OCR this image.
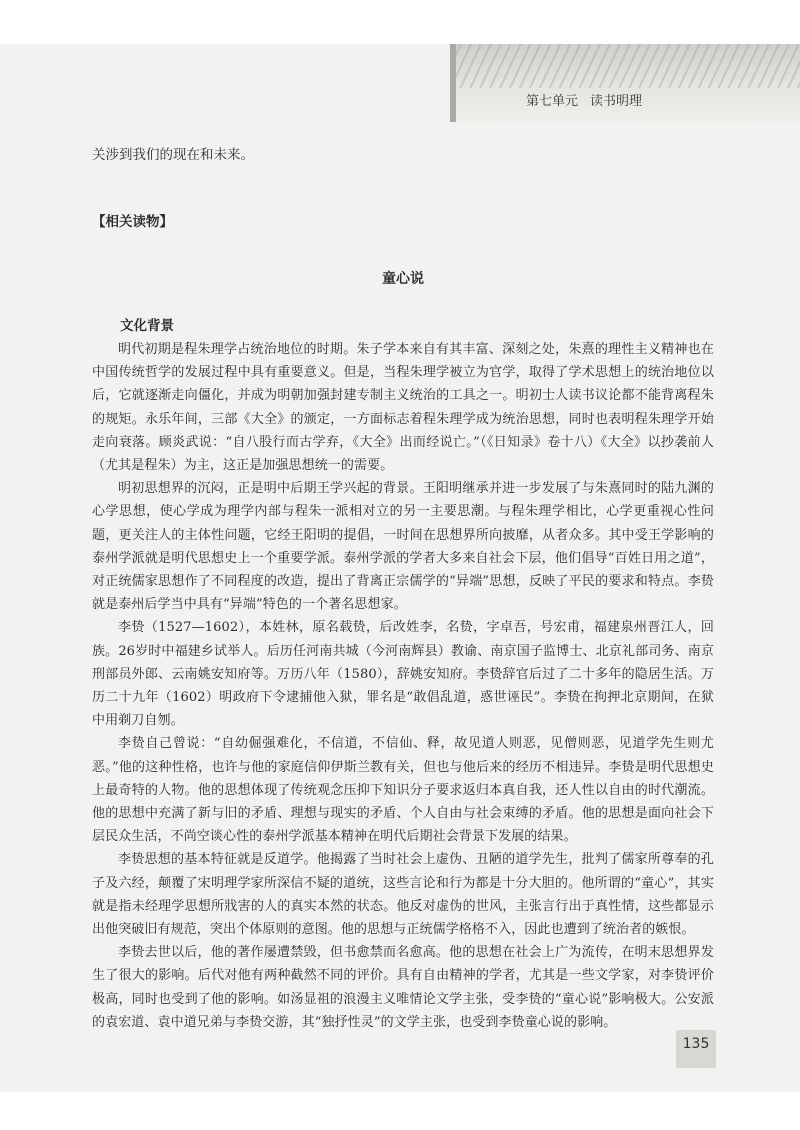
第七单元 读书明理

关涉到我们的现在和未来。

【相关读物】

童心说

文化背景

明代初期是程朱理学占统治地位的时期。朱子学本来自有其丰富、深刻之处，朱熹的理性主义精神也在中国传统哲学的发展过程中具有重要意义。但是，当程朱理学被立为官学，取得了学术思想上的统治地位以后，它就逐渐走向僵化，并成为明朝加强封建专制主义统治的工具之一。明初士人读书议论都不能背离程朱的规矩。永乐年间，三部《大全》的颁定，一方面标志着程朱理学成为统治思想，同时也表明程朱理学开始走向衰落。顾炎武说：“自八股行而古学弃，《大全》出而经说亡。”（《日知录》卷十八）《大全》以抄袭前人（尤其是程朱）为主，这正是加强思想统一的需要。

明初思想界的沉闷，正是明中后期王学兴起的背景。王阳明继承并进一步发展了与朱熹同时的陆九渊的心学思想，使心学成为理学内部与程朱一派相对立的另一主要思潮。与程朱理学相比，心学更重视心性问题，更关注人的主体性问题，它经王阳明的提倡，一时间在思想界所向披靡，从者众多。其中受王学影响的泰州学派就是明代思想史上一个重要学派。泰州学派的学者大多来自社会下层，他们倡导“百姓日用之道”，对正统儒家思想作了不同程度的改造，提出了背离正宗儒学的“异端”思想，反映了平民的要求和特点。李贽就是泰州后学当中具有“异端”特色的一个著名思想家。

李贽（1527—1602），本姓林，原名载贽，后改姓李，名贽，字卓吾，号宏甫，福建泉州晋江人，回族。26岁时中福建乡试举人。后历任河南共城（今河南辉县）教谕、南京国子监博士、北京礼部司务、南京刑部员外郎、云南姚安知府等。万历八年（1580），辞姚安知府。李贽辞官后过了二十多年的隐居生活。万历二十九年（1602）明政府下令逮捕他入狱，罪名是“敢倡乱道，惑世诬民”。李贽在拘押北京期间，在狱中用剃刀自刎。

李贽自己曾说：“自幼倔强难化，不信道，不信仙、释，故见道人则恶，见僧则恶，见道学先生则尤恶。”他的这种性格，也许与他的家庭信仰伊斯兰教有关，但也与他后来的经历不相违异。李贽是明代思想史上最奇特的人物。他的思想体现了传统观念压抑下知识分子要求返归本真自我，还人性以自由的时代潮流。他的思想中充满了新与旧的矛盾、理想与现实的矛盾、个人自由与社会束缚的矛盾。他的思想是面向社会下层民众生活，不尚空谈心性的泰州学派基本精神在明代后期社会背景下发展的结果。

李贽思想的基本特征就是反道学。他揭露了当时社会上虚伪、丑陋的道学先生，批判了儒家所尊奉的孔子及六经，颠覆了宋明理学家所深信不疑的道统，这些言论和行为都是十分大胆的。他所谓的“童心”，其实就是指未经理学思想所戕害的人的真实本然的状态。他反对虚伪的世风，主张言行出于真性情，这些都显示出他突破旧有规范，突出个体原则的意图。他的思想与正统儒学格格不入，因此也遭到了统治者的嫉恨。

李贽去世以后，他的著作屡遭禁毁，但书愈禁而名愈高。他的思想在社会上广为流传，在明末思想界发生了很大的影响。后代对他有两种截然不同的评价。具有自由精神的学者，尤其是一些文学家，对李贽评价极高，同时也受到了他的影响。如汤显祖的浪漫主义唯情论文学主张，受李贽的“童心说”影响极大。公安派的袁宏道、袁中道兄弟与李贽交游，其“独抒性灵”的文学主张，也受到李贽童心说的影响。

135
